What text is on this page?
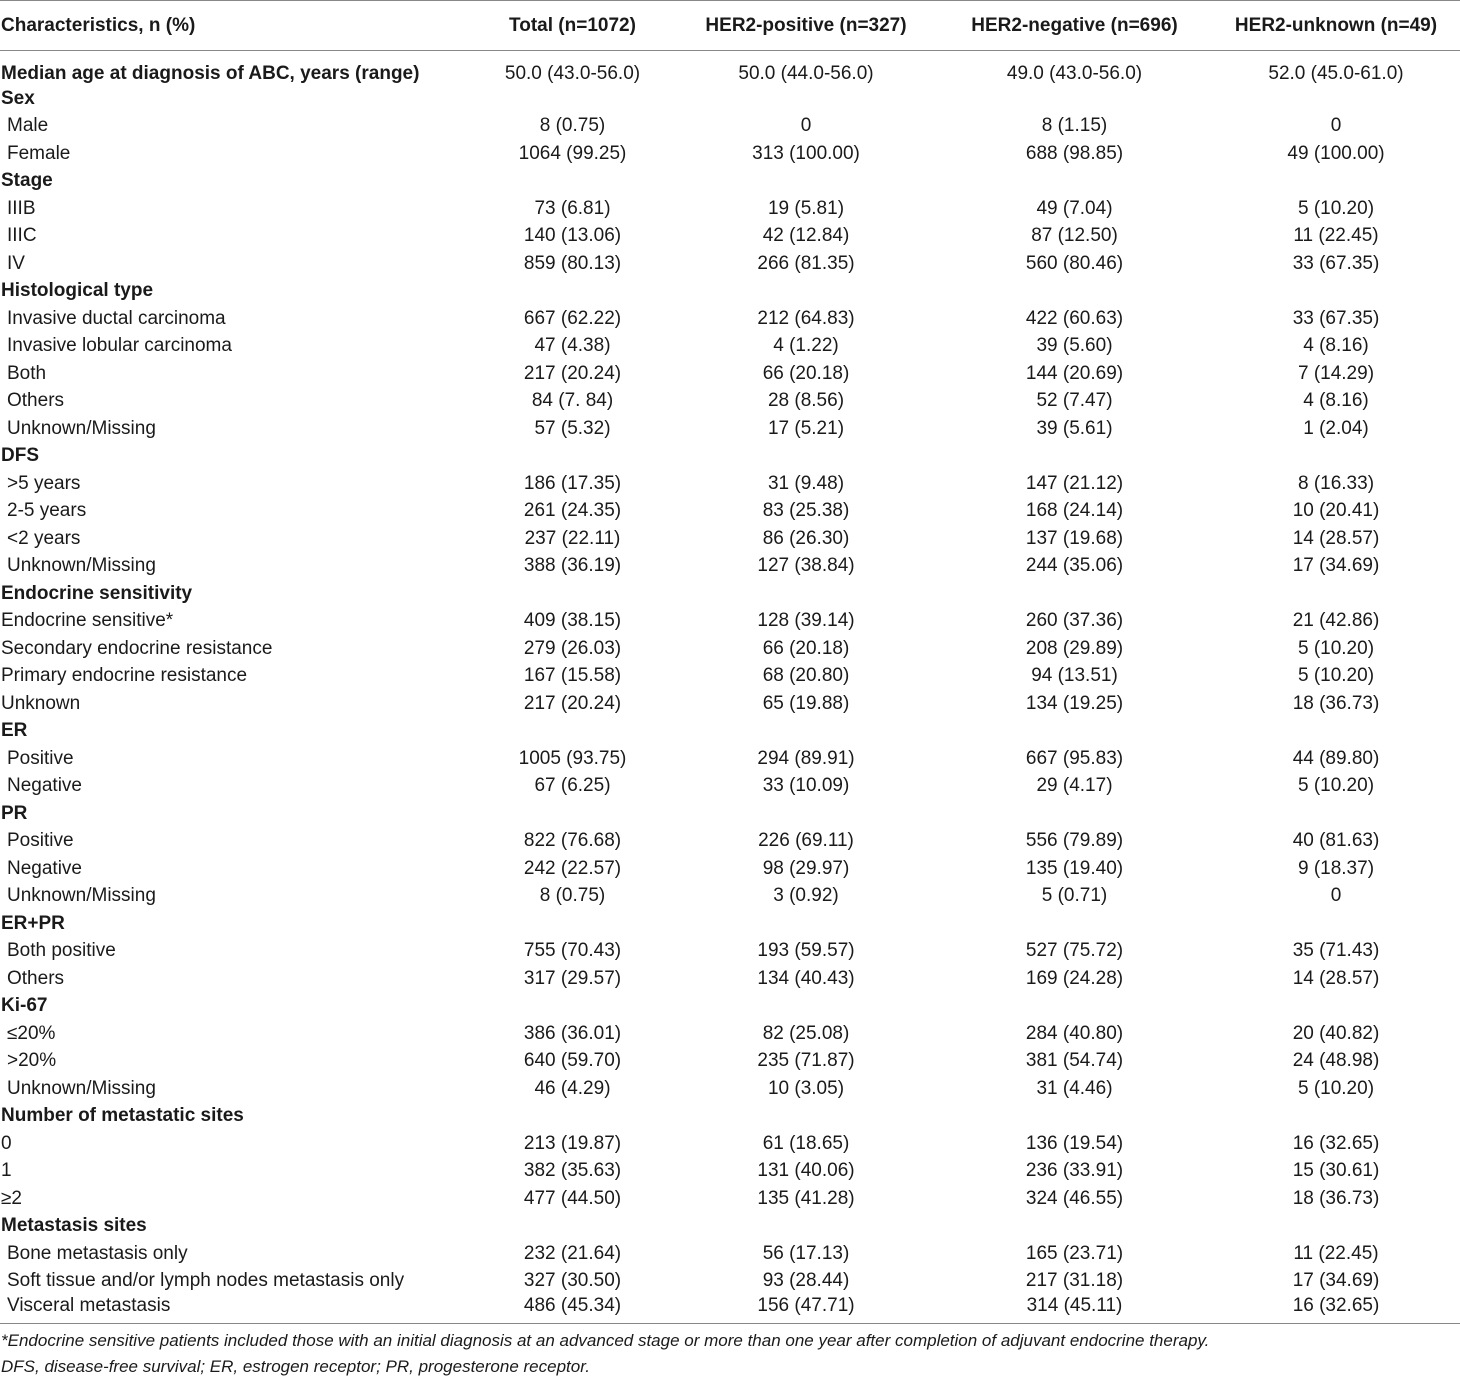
Characteristics, n (%)	Total (n=1072)	HER2-positive (n=327)	HER2-negative (n=696)	HER2-unknown (n=49)
Median age at diagnosis of ABC, years (range)	50.0 (43.0-56.0)	50.0 (44.0-56.0)	49.0 (43.0-56.0)	52.0 (45.0-61.0)
Sex				
Male	8 (0.75)	0	8 (1.15)	0
Female	1064 (99.25)	313 (100.00)	688 (98.85)	49 (100.00)
Stage				
IIIB	73 (6.81)	19 (5.81)	49 (7.04)	5 (10.20)
IIIC	140 (13.06)	42 (12.84)	87 (12.50)	11 (22.45)
IV	859 (80.13)	266 (81.35)	560 (80.46)	33 (67.35)
Histological type				
Invasive ductal carcinoma	667 (62.22)	212 (64.83)	422 (60.63)	33 (67.35)
Invasive lobular carcinoma	47 (4.38)	4 (1.22)	39 (5.60)	4 (8.16)
Both	217 (20.24)	66 (20.18)	144 (20.69)	7 (14.29)
Others	84 (7. 84)	28 (8.56)	52 (7.47)	4 (8.16)
Unknown/Missing	57 (5.32)	17 (5.21)	39 (5.61)	1 (2.04)
DFS				
>5 years	186 (17.35)	31 (9.48)	147 (21.12)	8 (16.33)
2-5 years	261 (24.35)	83 (25.38)	168 (24.14)	10 (20.41)
<2 years	237 (22.11)	86 (26.30)	137 (19.68)	14 (28.57)
Unknown/Missing	388 (36.19)	127 (38.84)	244 (35.06)	17 (34.69)
Endocrine sensitivity				
Endocrine sensitive*	409 (38.15)	128 (39.14)	260 (37.36)	21 (42.86)
Secondary endocrine resistance	279 (26.03)	66 (20.18)	208 (29.89)	5 (10.20)
Primary endocrine resistance	167 (15.58)	68 (20.80)	94 (13.51)	5 (10.20)
Unknown	217 (20.24)	65 (19.88)	134 (19.25)	18 (36.73)
ER				
Positive	1005 (93.75)	294 (89.91)	667 (95.83)	44 (89.80)
Negative	67 (6.25)	33 (10.09)	29 (4.17)	5 (10.20)
PR				
Positive	822 (76.68)	226 (69.11)	556 (79.89)	40 (81.63)
Negative	242 (22.57)	98 (29.97)	135 (19.40)	9 (18.37)
Unknown/Missing	8 (0.75)	3 (0.92)	5 (0.71)	0
ER+PR				
Both positive	755 (70.43)	193 (59.57)	527 (75.72)	35 (71.43)
Others	317 (29.57)	134 (40.43)	169 (24.28)	14 (28.57)
Ki-67				
≤20%	386 (36.01)	82 (25.08)	284 (40.80)	20 (40.82)
>20%	640 (59.70)	235 (71.87)	381 (54.74)	24 (48.98)
Unknown/Missing	46 (4.29)	10 (3.05)	31 (4.46)	5 (10.20)
Number of metastatic sites				
0	213 (19.87)	61 (18.65)	136 (19.54)	16 (32.65)
1	382 (35.63)	131 (40.06)	236 (33.91)	15 (30.61)
≥2	477 (44.50)	135 (41.28)	324 (46.55)	18 (36.73)
Metastasis sites				
Bone metastasis only	232 (21.64)	56 (17.13)	165 (23.71)	11 (22.45)
Soft tissue and/or lymph nodes metastasis only	327 (30.50)	93 (28.44)	217 (31.18)	17 (34.69)
Visceral metastasis	486 (45.34)	156 (47.71)	314 (45.11)	16 (32.65)
*Endocrine sensitive patients included those with an initial diagnosis at an advanced stage or more than one year after completion of adjuvant endocrine therapy.
DFS, disease-free survival; ER, estrogen receptor; PR, progesterone receptor.
